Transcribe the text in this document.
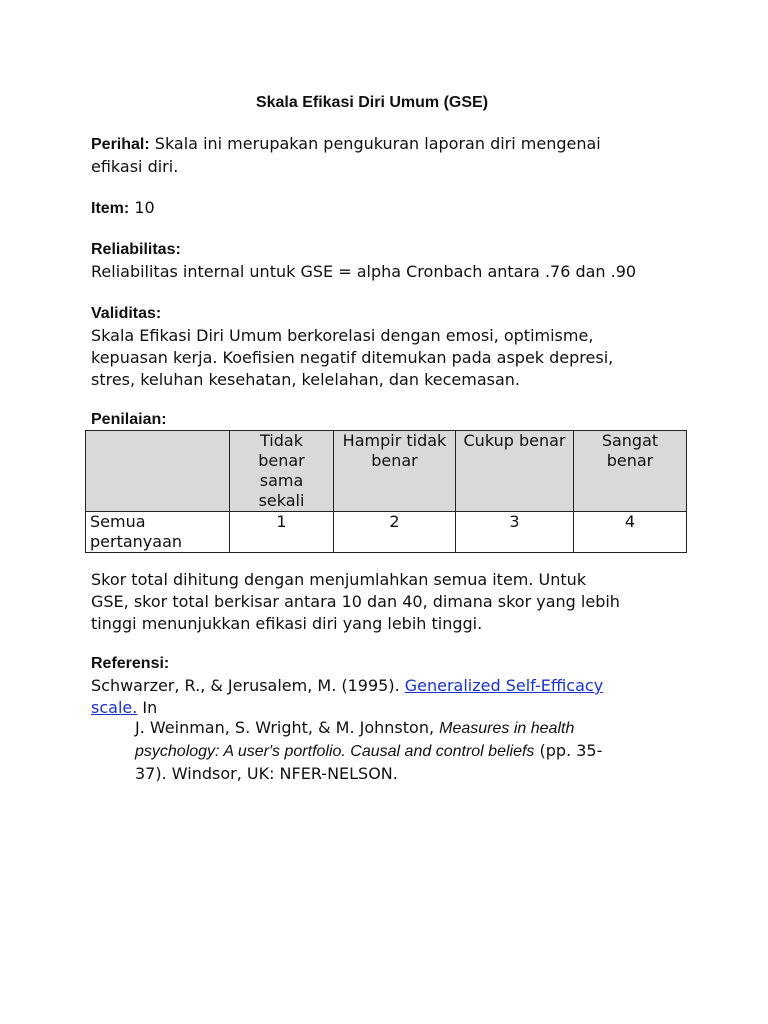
Skala Efikasi Diri Umum (GSE)
Perihal: Skala ini merupakan pengukuran laporan diri mengenai
efikasi diri.
Item: 10
Reliabilitas:
Reliabilitas internal untuk GSE = alpha Cronbach antara .76 dan .90
Validitas:
Skala Efikasi Diri Umum berkorelasi dengan emosi, optimisme,
kepuasan kerja. Koefisien negatif ditemukan pada aspek depresi,
stres, keluhan kesehatan, kelelahan, dan kecemasan.
Penilaian:

	Tidak
benar
sama
sekali	Hampir tidak
benar	Cukup benar	Sangat
benar

Semua
pertanyaan	1	2	3	4
Skor total dihitung dengan menjumlahkan semua item. Untuk
GSE, skor total berkisar antara 10 dan 40, dimana skor yang lebih
tinggi menunjukkan efikasi diri yang lebih tinggi.
Referensi:
Schwarzer, R., & Jerusalem, M. (1995). Generalized Self-Efficacy
scale. In
J. Weinman, S. Wright, & M. Johnston, Measures in health
psychology: A user's portfolio. Causal and control beliefs (pp. 35-
37). Windsor, UK: NFER-NELSON.
